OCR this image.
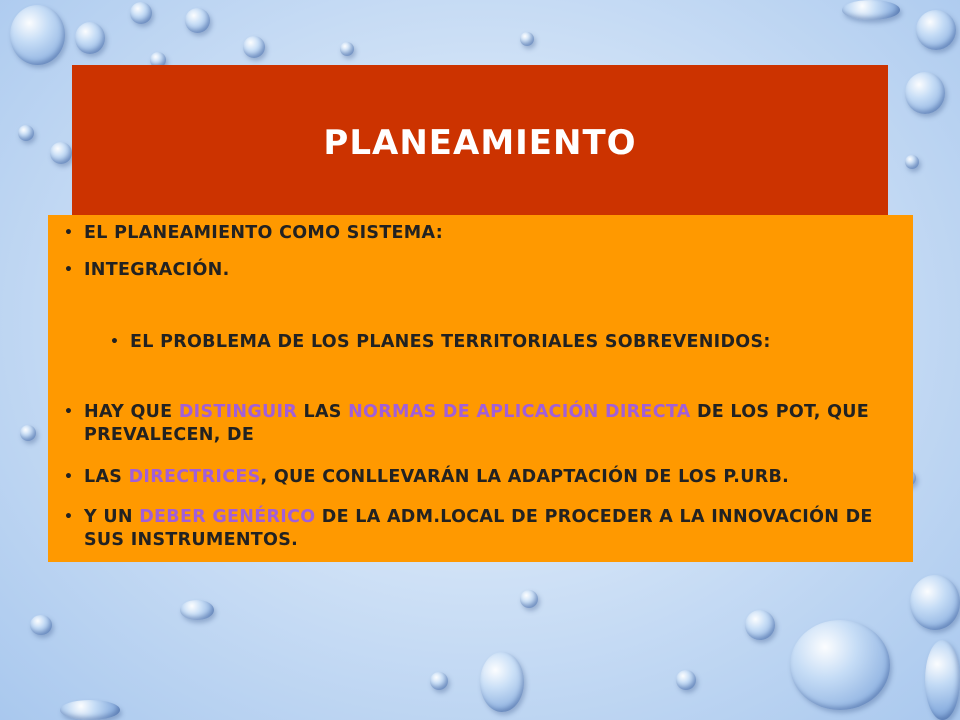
PLANEAMIENTO
• EL PLANEAMIENTO COMO SISTEMA:
• INTEGRACIÓN.
• EL PROBLEMA DE LOS PLANES TERRITORIALES SOBREVENIDOS:
• HAY QUE DISTINGUIR LAS NORMAS DE APLICACIÓN DIRECTA DE LOS POT, QUE PREVALECEN, DE
• LAS DIRECTRICES, QUE CONLLEVARÁN LA ADAPTACIÓN DE LOS P.URB.
• Y UN DEBER GENÉRICO DE LA ADM.LOCAL DE PROCEDER A LA INNOVACIÓN DE SUS INSTRUMENTOS.
